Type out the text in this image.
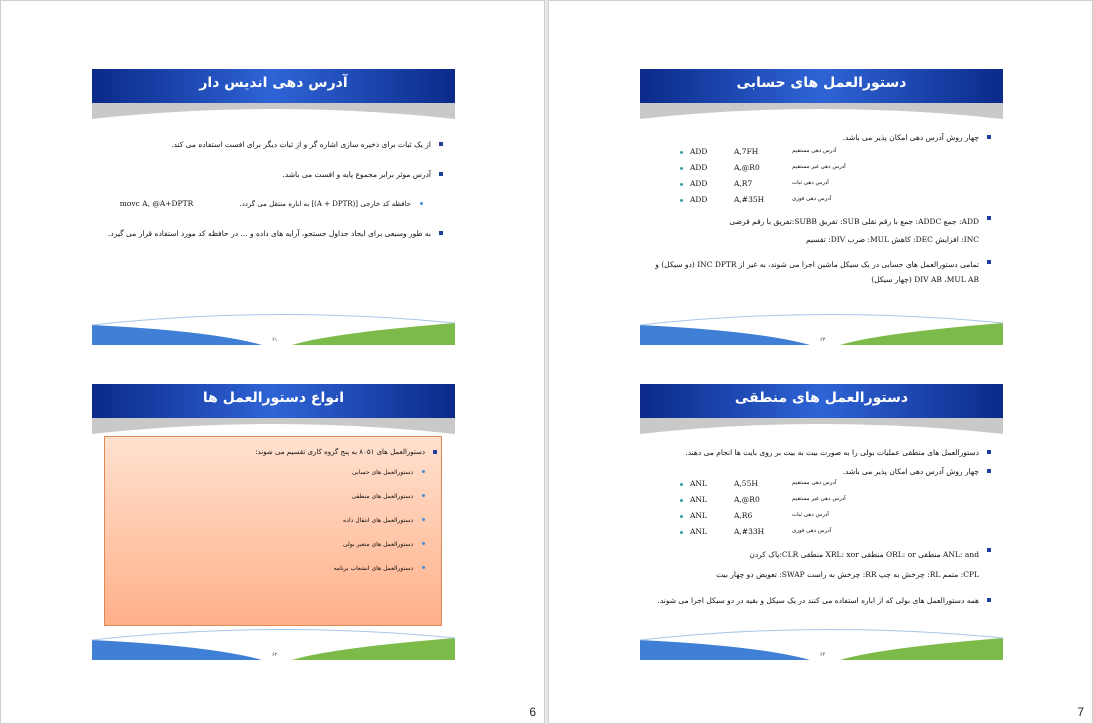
آدرس دهی اندیس دار
از یک ثبات برای ذخیره سازی اشاره گر و از ثبات دیگر برای افست استفاده می کند.
آدرس موثر برابر مجموع پایه و افست می باشد.
حافظه کد خارجی [(A + DPTR)] به اباره منتقل می گردد. movc A, @A+DPTR
به طور وسیعی برای ایجاد جداول جستجو، آرایه های داده و ... در حافظه کد مورد استفاده قرار می گیرد.
۶۱
انواع دستورالعمل ها
دستورالعمل های ۸۰۵۱ به پنج گروه کاری تقسیم می شوند:
دستورالعمل های حسابی
دستورالعمل های منطقی
دستورالعمل های انتقال داده
دستورالعمل های متغیر بولی
دستورالعمل های انشعاب برنامه
۶۲
6
دستورالعمل های حسابی
چهار روش آدرس دهی امکان پذیر می باشد.
ADD	A,7FH	آدرس دهی مستقیم
ADD	A,@R0	آدرس دهی غیر مستقیم
ADD	A,R7	آدرس دهی ثبات
ADD	A,#35H	آدرس دهی فوری
ADD: جمع ADDC: جمع با رقم نقلی SUB: تفریق SUBB:تفریق با رقم قرضی
INC: افزایش DEC: کاهش MUL: ضرب DIV: تقسیم
تمامی دستورالعمل های حسابی در یک سیکل ماشین اجرا می شوند، به غیر از INC DPTR (دو سیکل) و
DIV AB ،MUL AB (چهار سیکل)
۶۳
دستورالعمل های منطقی
دستورالعمل های منطقی عملیات بولی را به صورت بیت به بیت بر روی بایت ها انجام می دهند.
چهار روش آدرس دهی امکان پذیر می باشد.
ANL	A,55H	آدرس دهی مستقیم
ANL	A,@R0	آدرس دهی غیر مستقیم
ANL	A,R6	آدرس دهی ثبات
ANL	A,#33H	آدرس دهی فوری
ANL: and منطقی ORL: or منطقی XRL: xor منطقی CLR:پاک کردن
CPL: متمم RL: چرخش به چپ RR: چرخش به راست SWAP: تعویض دو چهار بیت
همه دستورالعمل های بولی که از اباره استفاده می کنند در یک سیکل و بقیه در دو سیکل اجرا می شوند.
۶۴
7
